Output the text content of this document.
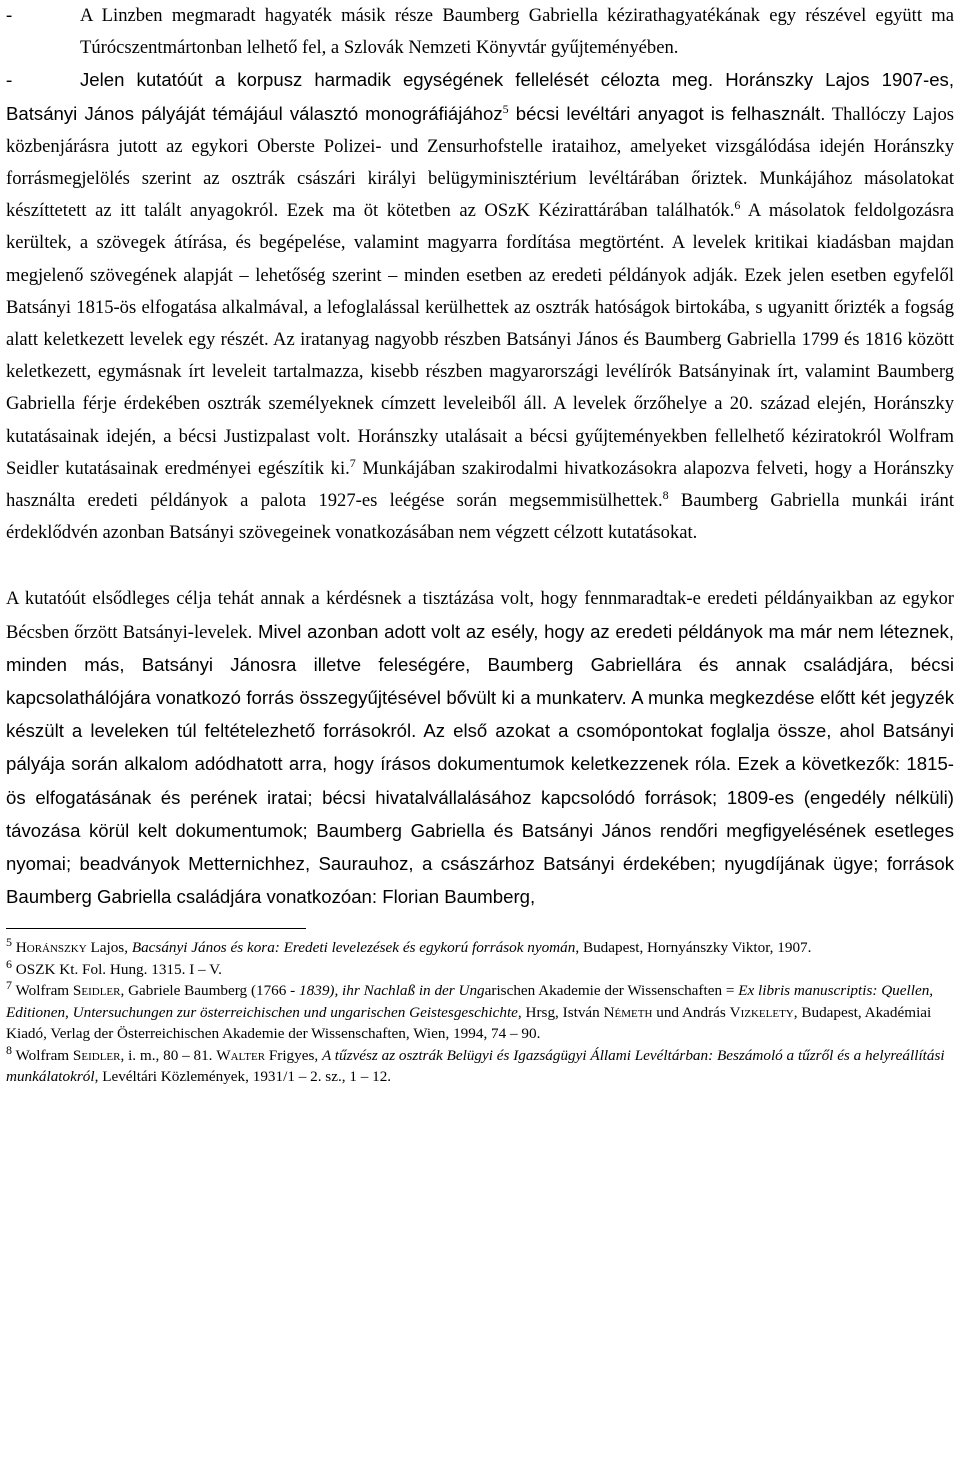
-	A Linzben megmaradt hagyaték másik része Baumberg Gabriella kézirathagyatékának egy részével együtt ma Túrócszentmártonban lelhető fel, a Szlovák Nemzeti Könyvtár gyűjteményében.
-	Jelen kutatóút a korpusz harmadik egységének fellelését célozta meg. Horánszky Lajos 1907-es, Batsányi János pályáját témájául választó monográfiájához$^5$ bécsi levéltári anyagot is felhasznált. Thallóczy Lajos közbenjárásra jutott az egykori Oberste Polizei- und Zensurhofstelle irataihoz, amelyeket vizsgálódása idején Horánszky forrásmegjelölés szerint az osztrák császári királyi belügyminisztérium levéltárában őriztek. Munkájához másolatokat készíttetett az itt talált anyagokról. Ezek ma öt kötetben az OSzK Kézirattárában találhatók.$^6$ A másolatok feldolgozásra kerültek, a szövegek átírása, és begépelése, valamint magyarra fordítása megtörtént. A levelek kritikai kiadásban majdan megjelenő szövegének alapját – lehetőség szerint – minden esetben az eredeti példányok adják. Ezek jelen esetben egyfelől Batsányi 1815-ös elfogatása alkalmával, a lefoglalással kerülhettek az osztrák hatóságok birtokába, s ugyanitt őrizték a fogság alatt keletkezett levelek egy részét. Az iratanyag nagyobb részben Batsányi János és Baumberg Gabriella 1799 és 1816 között keletkezett, egymásnak írt leveleit tartalmazza, kisebb részben magyarországi levélírók Batsányinak írt, valamint Baumberg Gabriella férje érdekében osztrák személyeknek címzett leveleiből áll. A levelek őrzőhelye a 20. század elején, Horánszky kutatásainak idején, a bécsi Justizpalast volt. Horánszky utalásait a bécsi gyűjteményekben fellelhető kéziratokról Wolfram Seidler kutatásainak eredményei egészítik ki.$^7$ Munkájában szakirodalmi hivatkozásokra alapozva felveti, hogy a Horánszky használta eredeti példányok a palota 1927-es leégése során megsemmisülhettek.$^8$ Baumberg Gabriella munkái iránt érdeklődvén azonban Batsányi szövegeinek vonatkozásában nem végzett célzott kutatásokat.
A kutatóút elsődleges célja tehát annak a kérdésnek a tisztázása volt, hogy fennmaradtak-e eredeti példányaikban az egykor Bécsben őrzött Batsányi-levelek. Mivel azonban adott volt az esély, hogy az eredeti példányok ma már nem léteznek, minden más, Batsányi Jánosra illetve feleségére, Baumberg Gabriellára és annak családjára, bécsi kapcsolathálójára vonatkozó forrás összegyűjtésével bővült ki a munkaterv. A munka megkezdése előtt két jegyzék készült a leveleken túl feltételezhető forrásokról. Az első azokat a csomópontokat foglalja össze, ahol Batsányi pályája során alkalom adódhatott arra, hogy írásos dokumentumok keletkezzenek róla. Ezek a következők: 1815-ös elfogatásának és perének iratai; bécsi hivatalvállalásához kapcsolódó források; 1809-es (engedély nélküli) távozása körül kelt dokumentumok; Baumberg Gabriella és Batsányi János rendőri megfigyelésének esetleges nyomai; beadványok Metternichhez, Saurauhoz, a császárhoz Batsányi érdekében; nyugdíjának ügye; források Baumberg Gabriella családjára vonatkozóan: Florian Baumberg,

$^5$ Horánszky Lajos, Bacsányi János és kora: Eredeti levelezések és egykorú források nyomán, Budapest, Hornyánszky Viktor, 1907.

$^6$ OSZK Kt. Fol. Hung. 1315. I – V.

$^7$ Wolfram Seidler, Gabriele Baumberg (1766 - 1839), ihr Nachlaß in der Ungarischen Akademie der Wissenschaften = Ex libris manuscriptis: Quellen, Editionen, Untersuchungen zur österreichischen und ungarischen Geistesgeschichte, Hrsg, István Németh und András Vizkelety, Budapest, Akadémiai Kiadó, Verlag der Österreichischen Akademie der Wissenschaften, Wien, 1994, 74 – 90.

$^8$ Wolfram Seidler, i. m., 80 – 81. Walter Frigyes, A tűzvész az osztrák Belügyi és Igazságügyi Állami Levéltárban: Beszámoló a tűzről és a helyreállítási munkálatokról, Levéltári Közlemények, 1931/1 – 2. sz., 1 – 12.
